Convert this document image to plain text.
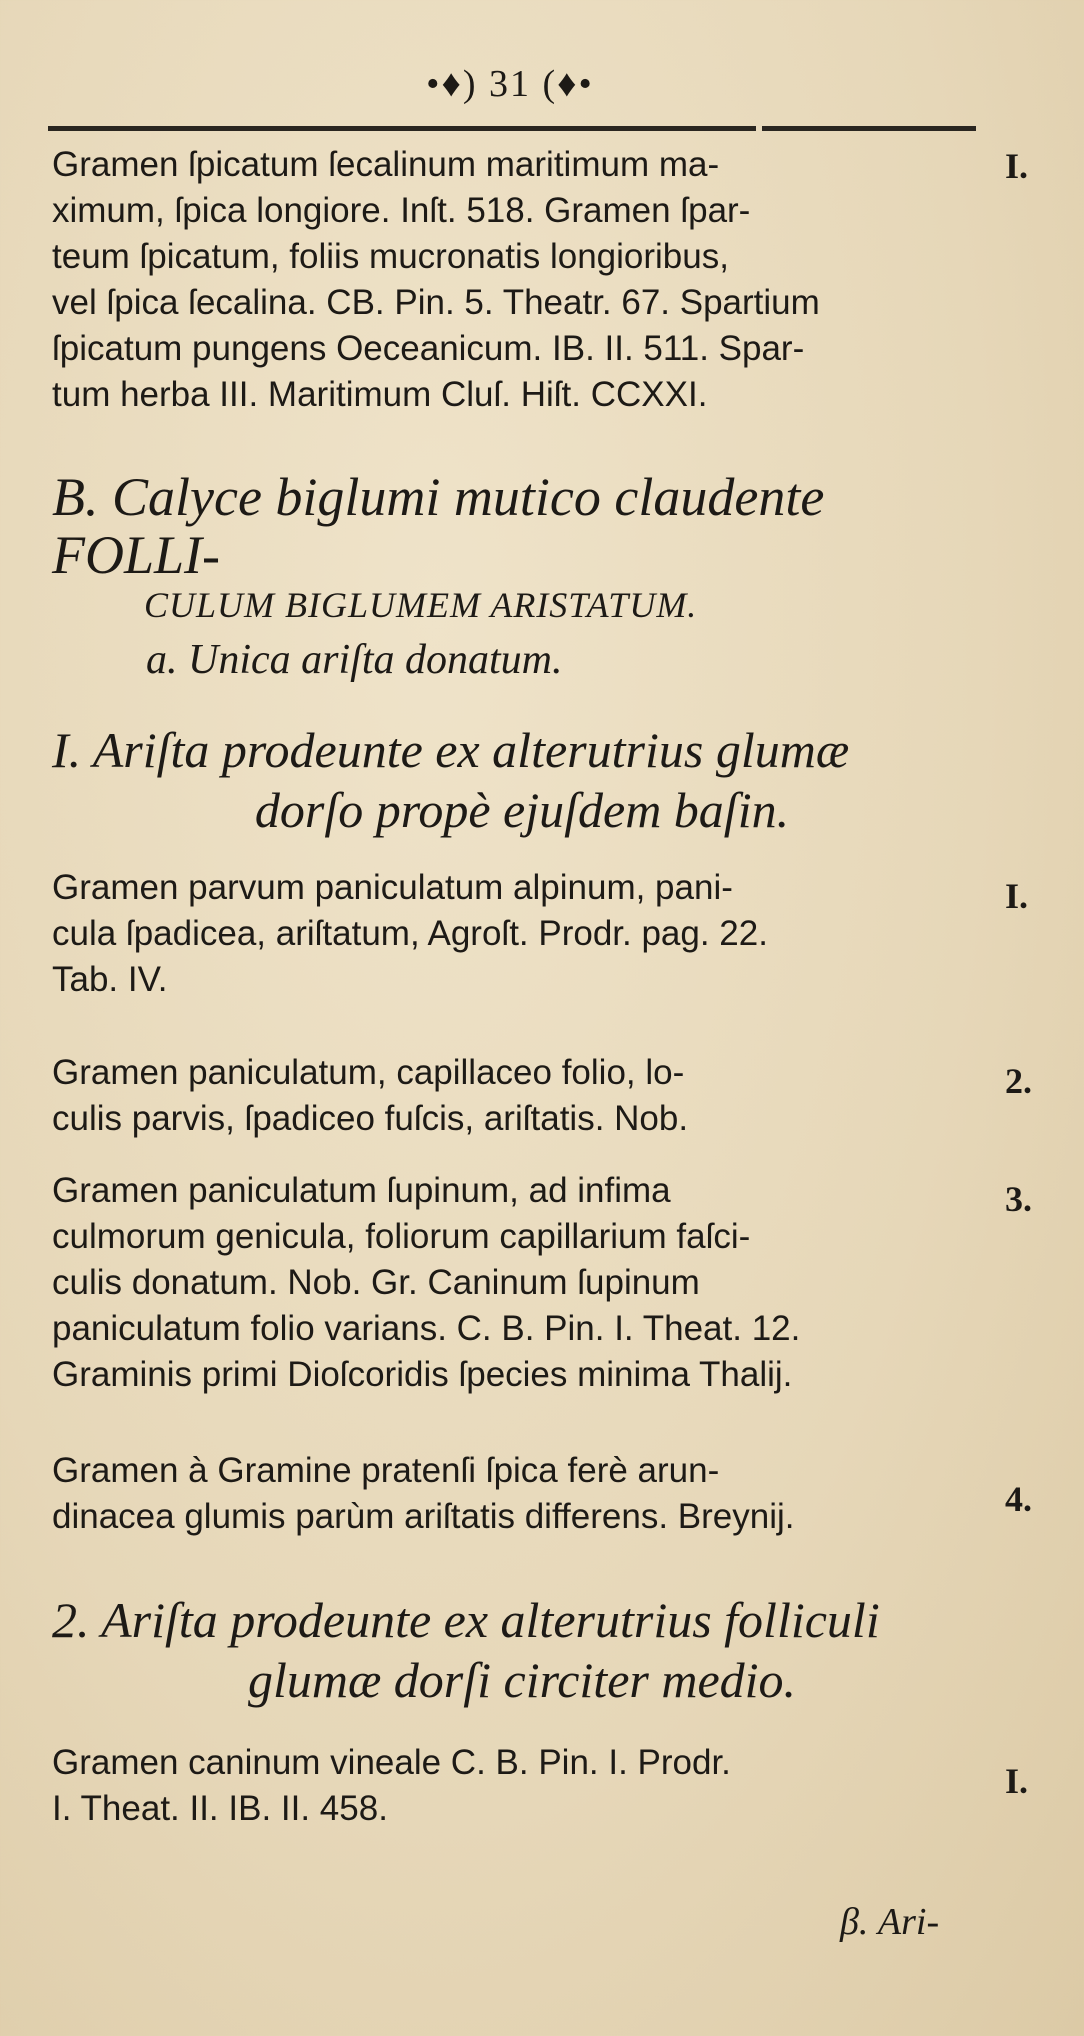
•♦) 31 (♦•
Gramen ſpicatum ſecalinum maritimum ma-
ximum, ſpica longiore. Inſt. 518. Gramen ſpar-
teum ſpicatum, foliis mucronatis longioribus,
vel ſpica ſecalina. CB. Pin. 5. Theatr. 67. Spartium
ſpicatum pungens Oeceanicum. IB. II. 511. Spar-
tum herba III. Maritimum Cluſ. Hiſt. CCXXI.
I.
B. Calyce biglumi mutico claudente FOLLI-
CULUM BIGLUMEM ARISTATUM.
a. Unica ariſta donatum.
I. Ariſta prodeunte ex alterutrius glumæ
dorſo propè ejuſdem baſin.
Gramen parvum paniculatum alpinum, pani-
cula ſpadicea, ariſtatum, Agroſt. Prodr. pag. 22.
Tab. IV.
I.
Gramen paniculatum, capillaceo folio, lo-
culis parvis, ſpadiceo fuſcis, ariſtatis. Nob.
2.
Gramen paniculatum ſupinum, ad infima
culmorum genicula, foliorum capillarium faſci-
culis donatum. Nob. Gr. Caninum ſupinum
paniculatum folio varians. C. B. Pin. I. Theat. 12.
Graminis primi Dioſcoridis ſpecies minima Thalij.
3.
Gramen à Gramine pratenſi ſpica ferè arun-
dinacea glumis parùm ariſtatis differens. Breynij.	4.
2. Ariſta prodeunte ex alterutrius folliculi
glumæ dorſi circiter medio.
Gramen caninum vineale C. B. Pin. I. Prodr.
I. Theat. II. IB. II. 458.
I.
β. Ari-
